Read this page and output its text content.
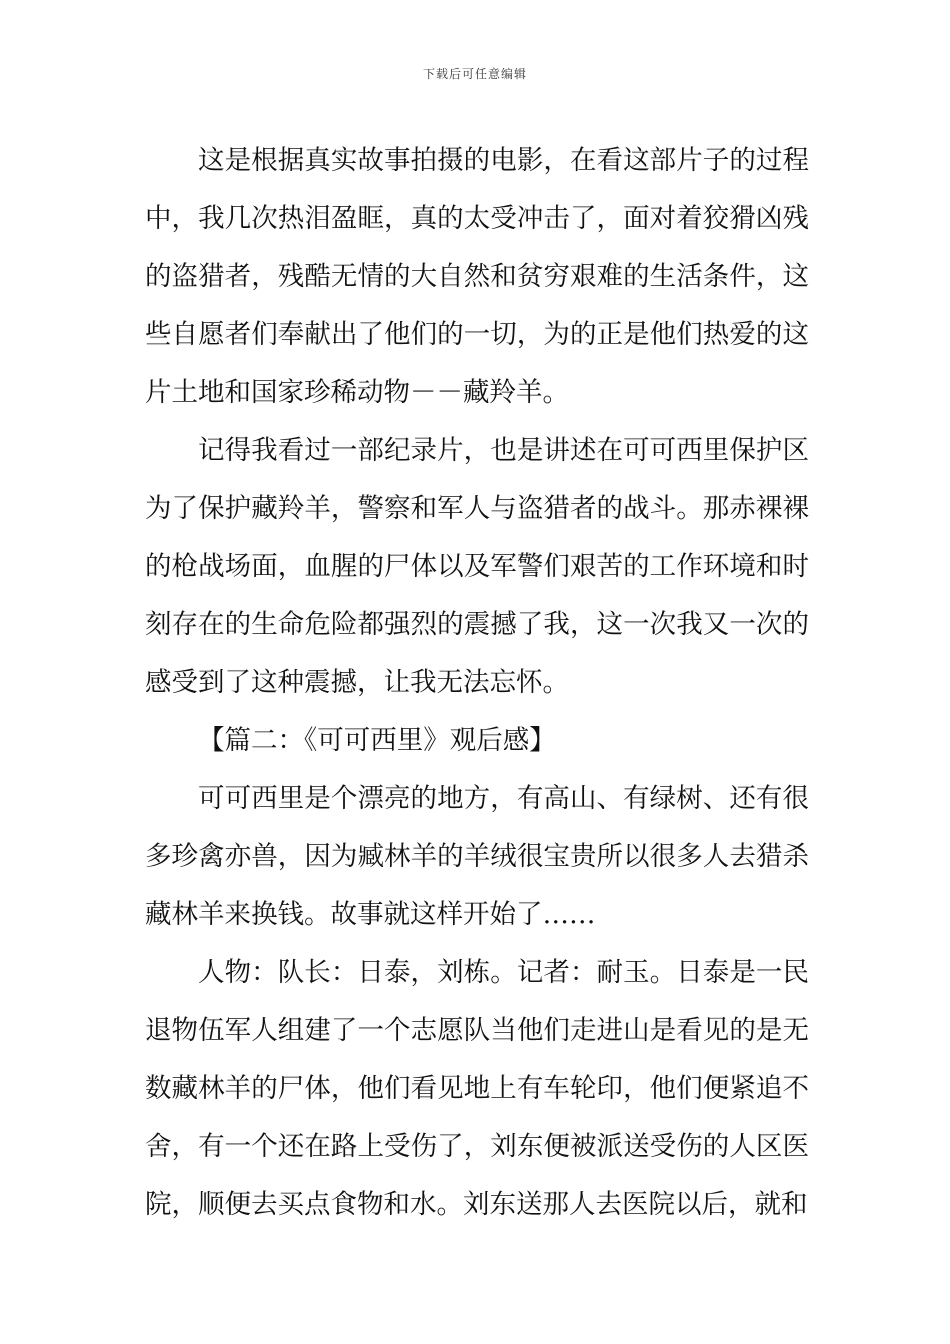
下载后可任意编辑

这是根据真实故事拍摄的电影，在看这部片子的过程中，我几次热泪盈眶，真的太受冲击了，面对着狡猾凶残的盗猎者，残酷无情的大自然和贫穷艰难的生活条件，这些自愿者们奉献出了他们的一切，为的正是他们热爱的这片土地和国家珍稀动物－－藏羚羊。

记得我看过一部纪录片，也是讲述在可可西里保护区为了保护藏羚羊，警察和军人与盗猎者的战斗。那赤裸裸的枪战场面，血腥的尸体以及军警们艰苦的工作环境和时刻存在的生命危险都强烈的震撼了我，这一次我又一次的感受到了这种震撼，让我无法忘怀。

【篇二：《可可西里》观后感】

可可西里是个漂亮的地方，有高山、有绿树、还有很多珍禽亦兽，因为臧林羊的羊绒很宝贵所以很多人去猎杀藏林羊来换钱。故事就这样开始了……

人物：队长：日泰，刘栋。记者：耐玉。日泰是一民退物伍军人组建了一个志愿队当他们走进山是看见的是无数藏林羊的尸体，他们看见地上有车轮印，他们便紧追不舍，有一个还在路上受伤了，刘东便被派送受伤的人区医院，顺便去买点食物和水。刘东送那人去医院以后，就和
